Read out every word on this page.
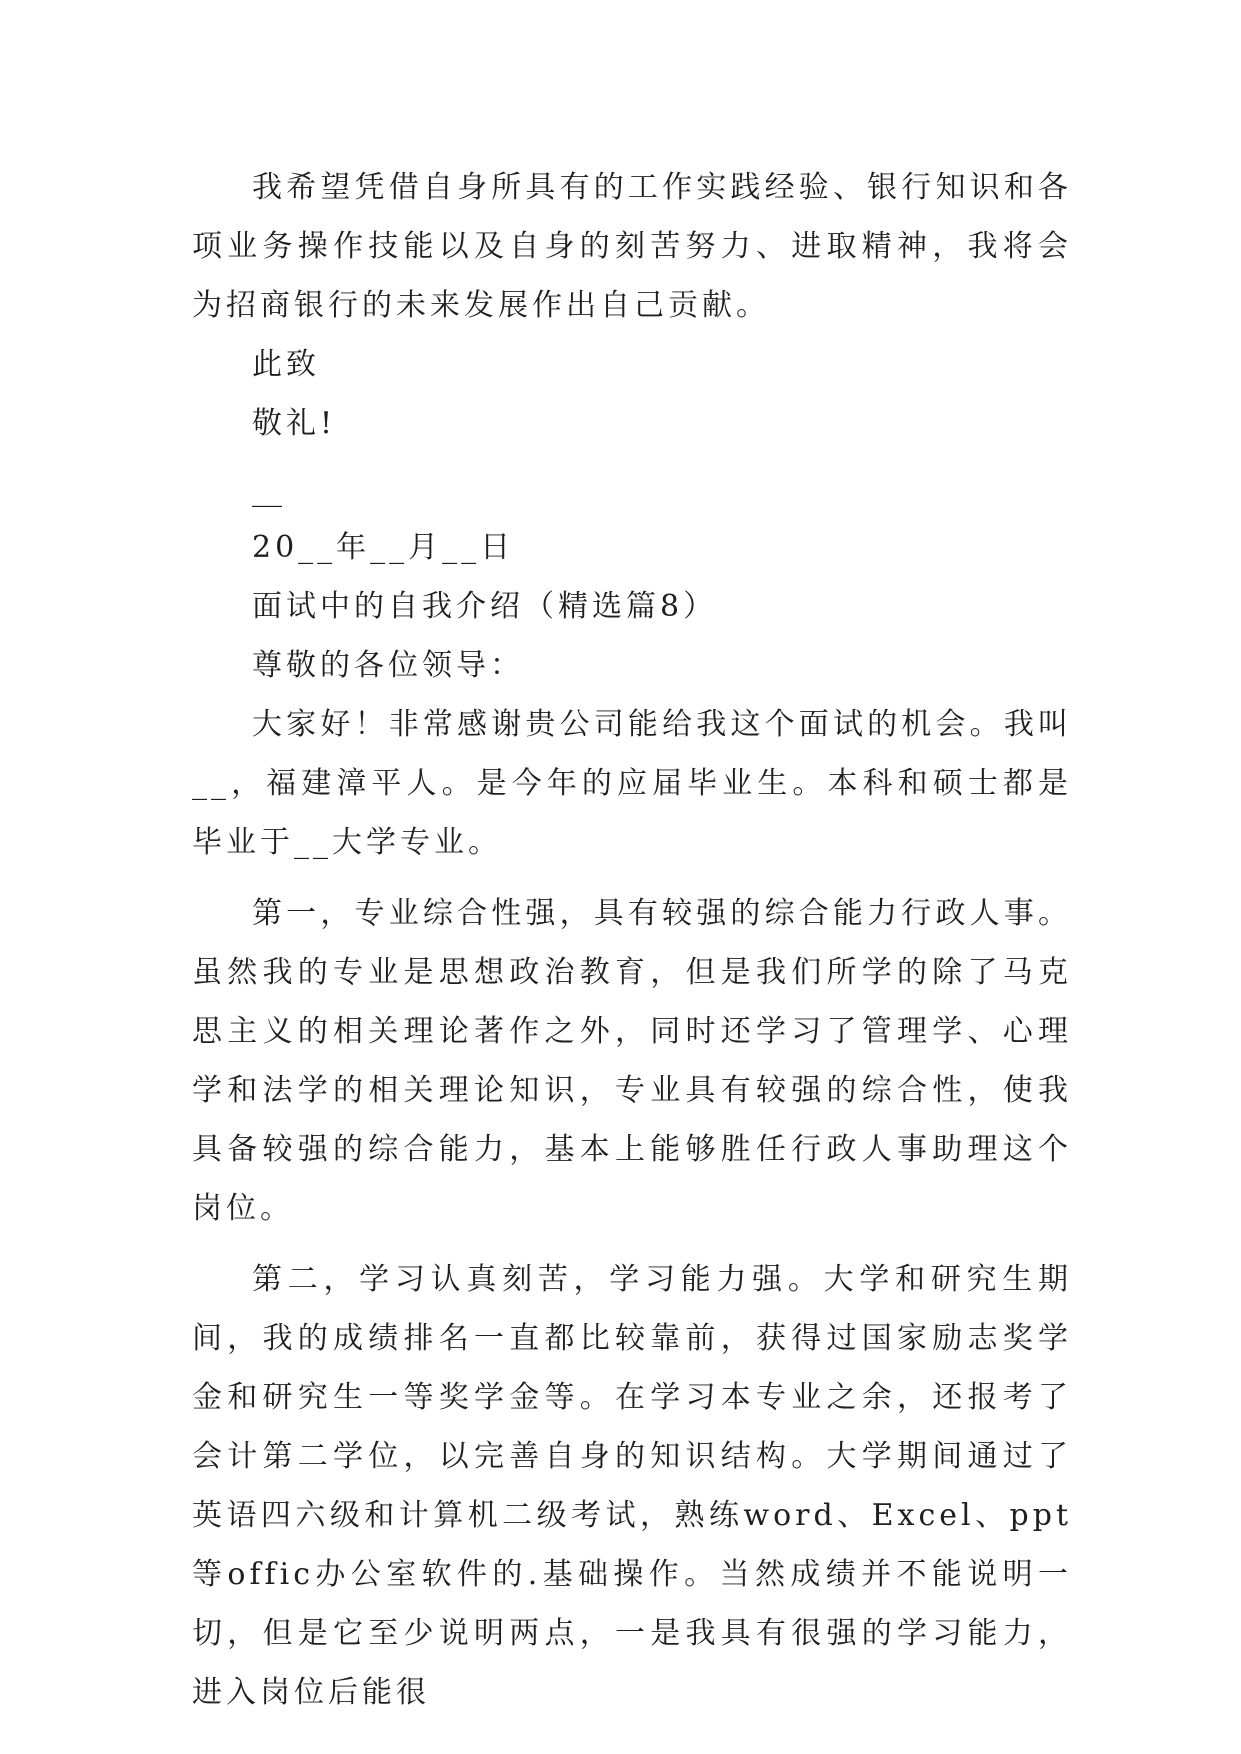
我希望凭借自身所具有的工作实践经验、银行知识和各项业务操作技能以及自身的刻苦努力、进取精神，我将会为招商银行的未来发展作出自己贡献。

此致

敬礼!

__

20__年__月__日

面试中的自我介绍（精选篇8）

尊敬的各位领导：

大家好！非常感谢贵公司能给我这个面试的机会。我叫__，福建漳平人。是今年的应届毕业生。本科和硕士都是毕业于__大学专业。

第一，专业综合性强，具有较强的综合能力行政人事。虽然我的专业是思想政治教育，但是我们所学的除了马克思主义的相关理论著作之外，同时还学习了管理学、心理学和法学的相关理论知识，专业具有较强的综合性，使我具备较强的综合能力，基本上能够胜任行政人事助理这个岗位。

第二，学习认真刻苦，学习能力强。大学和研究生期间，我的成绩排名一直都比较靠前，获得过国家励志奖学金和研究生一等奖学金等。在学习本专业之余，还报考了会计第二学位，以完善自身的知识结构。大学期间通过了英语四六级和计算机二级考试，熟练word、Excel、ppt等offic办公室软件的.基础操作。当然成绩并不能说明一切，但是它至少说明两点，一是我具有很强的学习能力，进入岗位后能很
